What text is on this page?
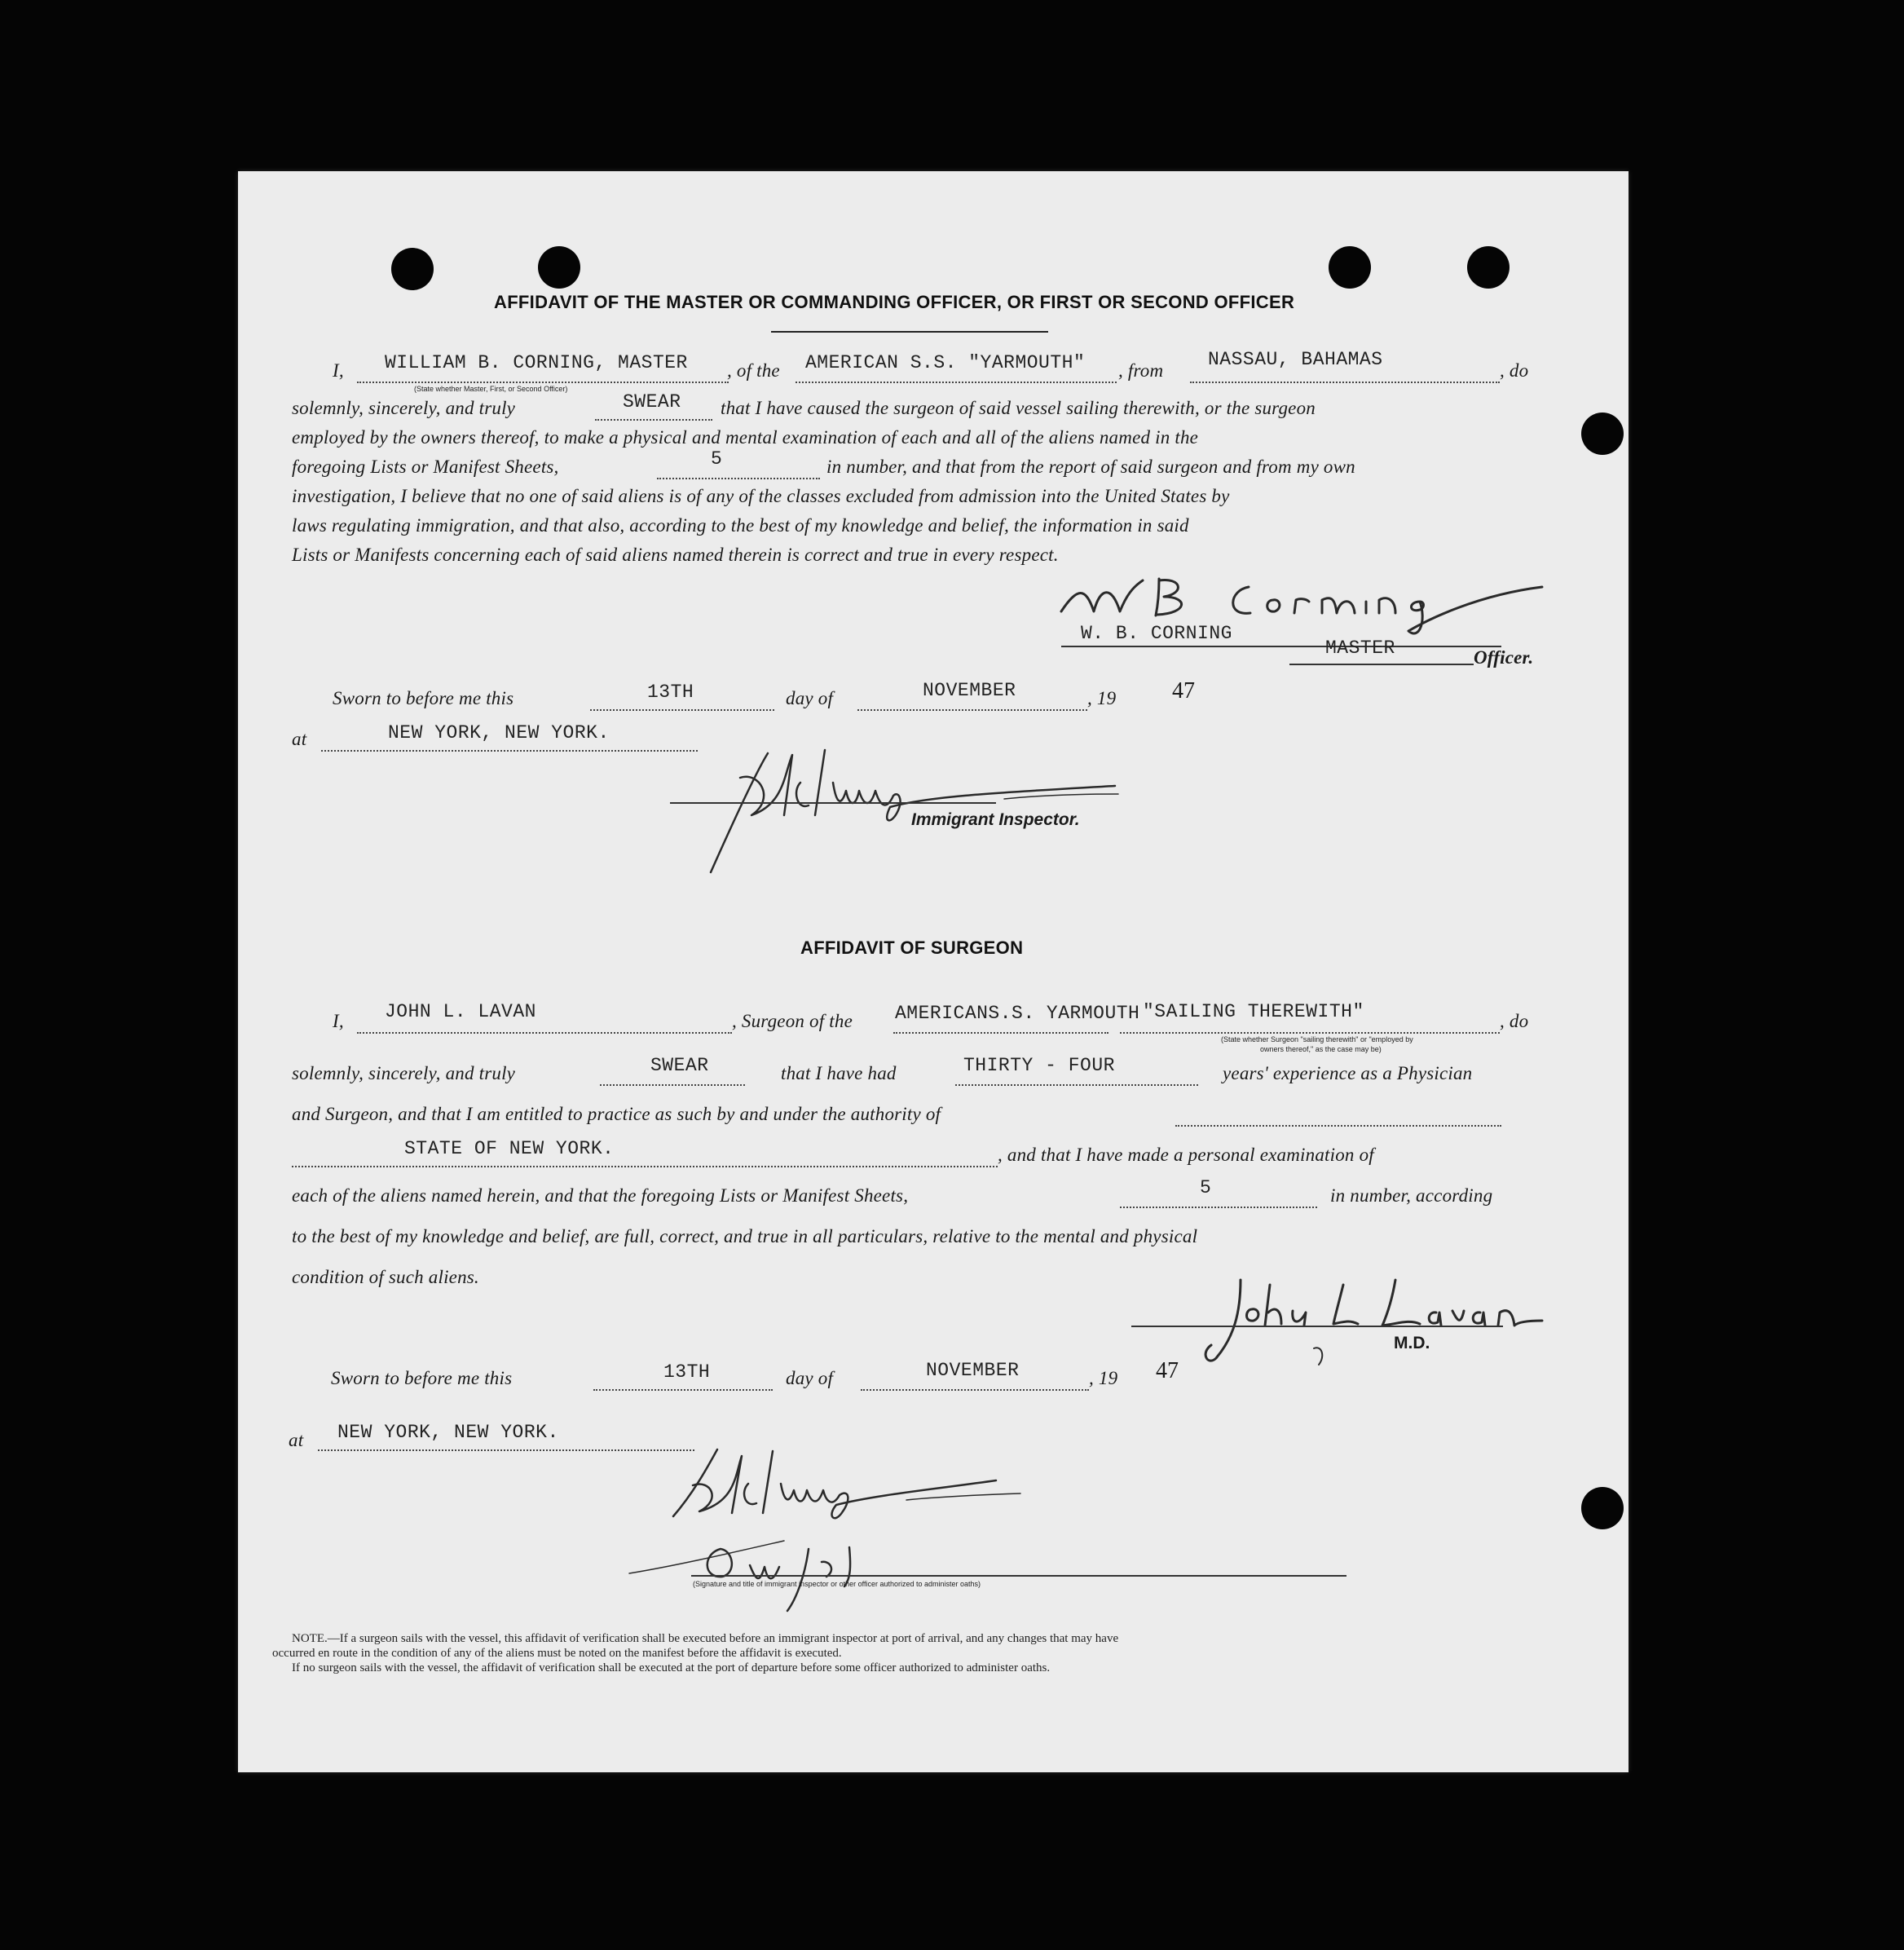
AFFIDAVIT OF THE MASTER OR COMMANDING OFFICER, OR FIRST OR SECOND OFFICER
I, WILLIAM B. CORNING, MASTER
(State whether Master, First, or Second Officer)
, of the AMERICAN S.S. "YARMOUTH" , from
NASSAU, BAHAMAS
, do
solemnly, sincerely, and truly	SWEAR that I have caused the surgeon of said vessel sailing therewith, or the surgeon
employed by the owners thereof, to make a physical and mental examination of each and all of the aliens named in the
foregoing Lists or Manifest Sheets,	5	in number, and that from the report of said surgeon and from my own
investigation, I believe that no one of said aliens is of any of the classes excluded from admission into the United States by
laws regulating immigration, and that also, according to the best of my knowledge and belief, the information in said
Lists or Manifests concerning each of said aliens named therein is correct and true in every respect.
W. B. CORNING
MASTER	Officer.
Sworn to before me this	13TH	day of	NOVEMBER	, 19 47
at	NEW YORK, NEW YORK.
Immigrant Inspector.
AFFIDAVIT OF SURGEON
I, JOHN L. LAVAN	, Surgeon of the AMERICANS.S. YARMOUTH "SAILING THEREWITH"
(State whether Surgeon "sailing therewith" or "employed by
owners thereof," as the case may be)
, do
solemnly, sincerely, and truly	SWEAR	that I have had	THIRTY - FOUR	years' experience as a Physician
and Surgeon, and that I am entitled to practice as such by and under the authority of
STATE OF NEW YORK.	, and that I have made a personal examination of
each of the aliens named herein, and that the foregoing Lists or Manifest Sheets,	5	in number, according
to the best of my knowledge and belief, are full, correct, and true in all particulars, relative to the mental and physical
condition of such aliens.
M.D.
Sworn to before me this	13TH	day of	NOVEMBER	, 19 47
at NEW YORK, NEW YORK.
(Signature and title of immigrant inspector or other officer authorized to administer oaths)
NOTE.—If a surgeon sails with the vessel, this affidavit of verification shall be executed before an immigrant inspector at port of arrival, and any changes that may have
occurred en route in the condition of any of the aliens must be noted on the manifest before the affidavit is executed.
If no surgeon sails with the vessel, the affidavit of verification shall be executed at the port of departure before some officer authorized to administer oaths.
